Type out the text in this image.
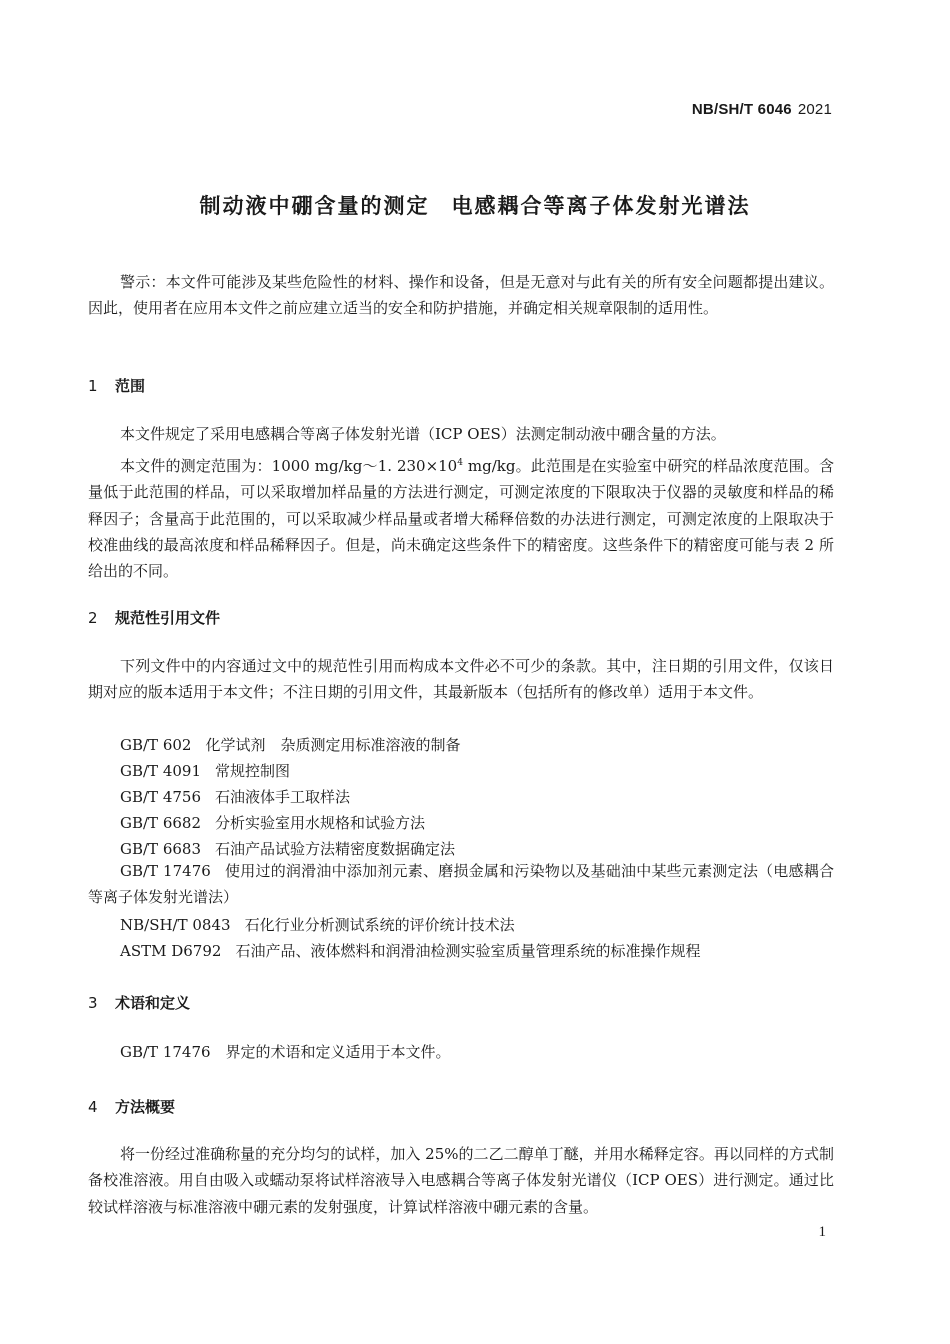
NB/SH/T 6046 2021
制动液中硼含量的测定 电感耦合等离子体发射光谱法
警示：本文件可能涉及某些危险性的材料、操作和设备，但是无意对与此有关的所有安全问题都提出建议。因此，使用者在应用本文件之前应建立适当的安全和防护措施，并确定相关规章限制的适用性。
1 范围
本文件规定了采用电感耦合等离子体发射光谱（ICP OES）法测定制动液中硼含量的方法。
本文件的测定范围为：1000 mg/kg～1. $230\times 10^4$ mg/kg。此范围是在实验室中研究的样品浓度范围。含量低于此范围的样品，可以采取增加样品量的方法进行测定，可测定浓度的下限取决于仪器的灵敏度和样品的稀释因子；含量高于此范围的，可以采取减少样品量或者增大稀释倍数的办法进行测定，可测定浓度的上限取决于校准曲线的最高浓度和样品稀释因子。但是，尚未确定这些条件下的精密度。这些条件下的精密度可能与表 2 所给出的不同。
2 规范性引用文件
下列文件中的内容通过文中的规范性引用而构成本文件必不可少的条款。其中，注日期的引用文件，仅该日期对应的版本适用于本文件；不注日期的引用文件，其最新版本（包括所有的修改单）适用于本文件。
GB/T 602 化学试剂　杂质测定用标准溶液的制备
GB/T 4091 常规控制图
GB/T 4756 石油液体手工取样法
GB/T 6682 分析实验室用水规格和试验方法
GB/T 6683 石油产品试验方法精密度数据确定法
GB/T 17476 使用过的润滑油中添加剂元素、磨损金属和污染物以及基础油中某些元素测定法（电感耦合等离子体发射光谱法）
NB/SH/T 0843 石化行业分析测试系统的评价统计技术法
ASTM D6792 石油产品、液体燃料和润滑油检测实验室质量管理系统的标准操作规程
3 术语和定义
GB/T 17476　界定的术语和定义适用于本文件。
4 方法概要
将一份经过准确称量的充分均匀的试样，加入 25%的二乙二醇单丁醚，并用水稀释定容。再以同样的方式制备校准溶液。用自由吸入或蠕动泵将试样溶液导入电感耦合等离子体发射光谱仪（ICP OES）进行测定。通过比较试样溶液与标准溶液中硼元素的发射强度，计算试样溶液中硼元素的含量。
1
